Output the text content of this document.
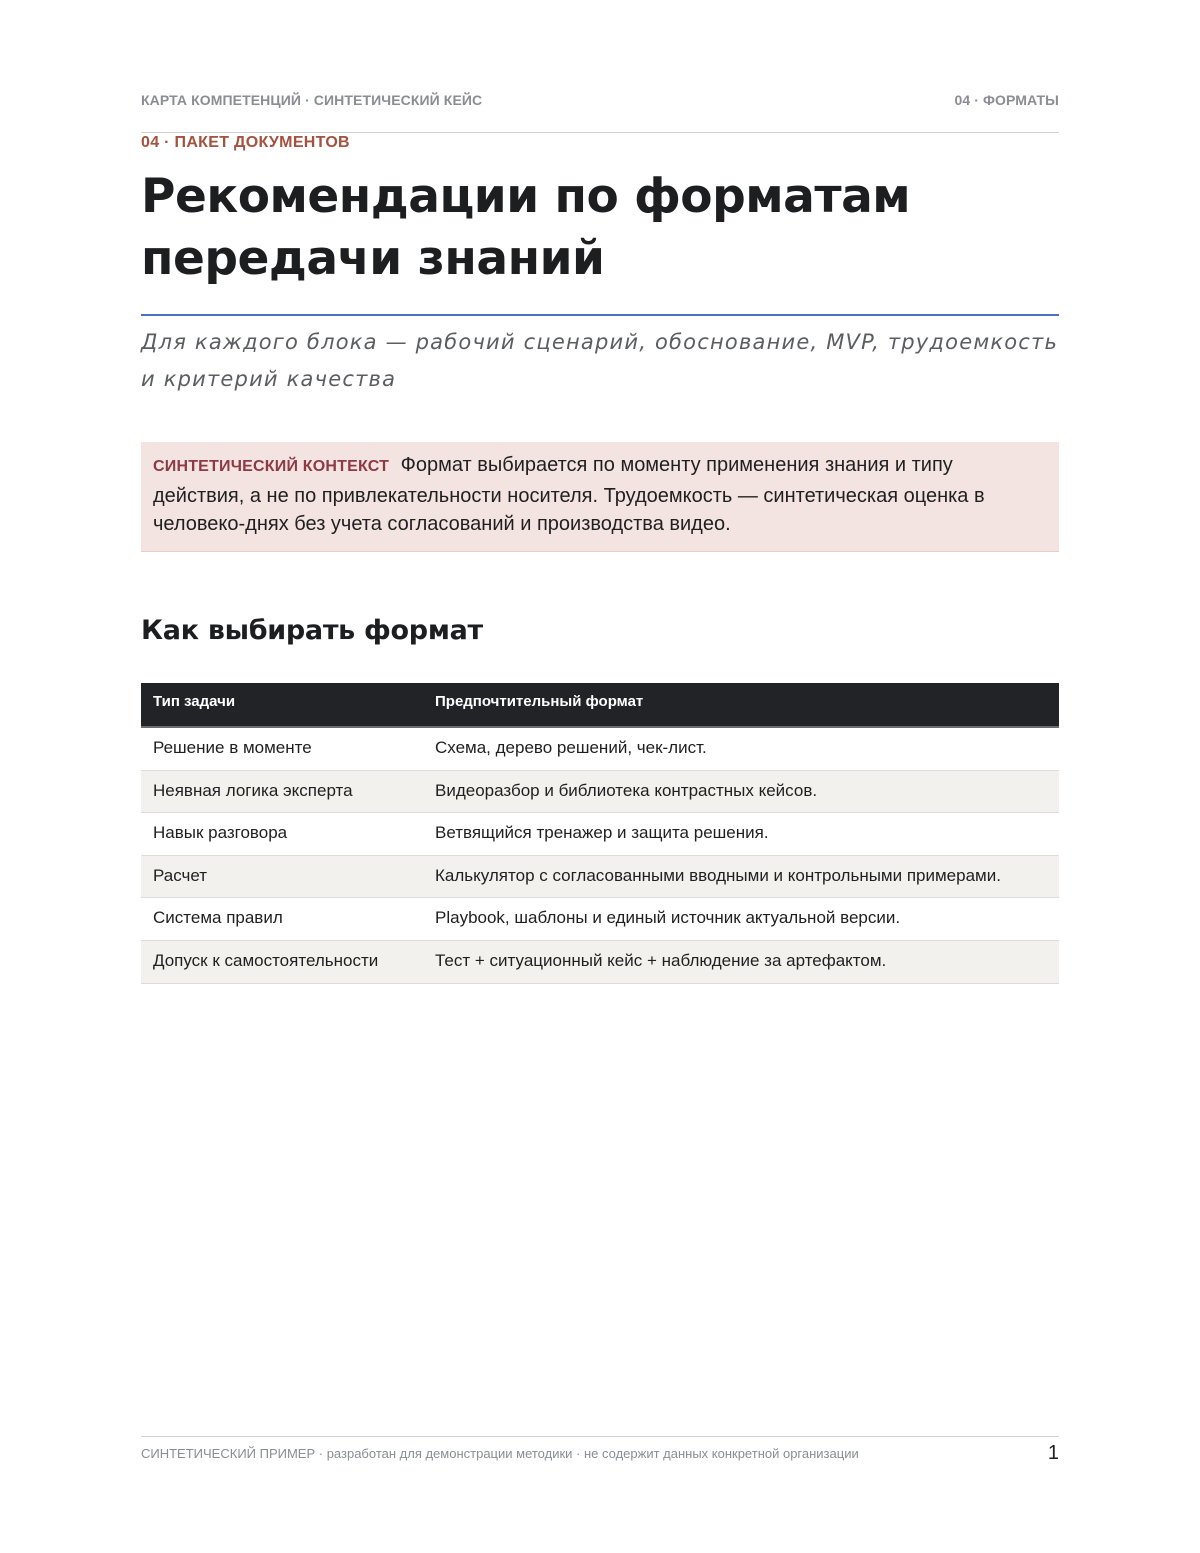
КАРТА КОМПЕТЕНЦИЙ · СИНТЕТИЧЕСКИЙ КЕЙС	04 · ФОРМАТЫ
04 · ПАКЕТ ДОКУМЕНТОВ
Рекомендации по форматам передачи знаний

Для каждого блока — рабочий сценарий, обоснование, MVP, трудоемкость и критерий качества

СИНТЕТИЧЕСКИЙ КОНТЕКСТ Формат выбирается по моменту применения знания и типу действия, а не по привлекательности носителя. Трудоемкость — синтетическая оценка в человеко-днях без учета согласований и производства видео.
Как выбирать формат
Тип задачи	Предпочтительный формат
Решение в моменте	Схема, дерево решений, чек-лист.
Неявная логика эксперта	Видеоразбор и библиотека контрастных кейсов.
Навык разговора	Ветвящийся тренажер и защита решения.
Расчет	Калькулятор с согласованными вводными и контрольными примерами.
Система правил	Playbook, шаблоны и единый источник актуальной версии.
Допуск к самостоятельности	Тест + ситуационный кейс + наблюдение за артефактом.
СИНТЕТИЧЕСКИЙ ПРИМЕР · разработан для демонстрации методики · не содержит данных конкретной организации	1
